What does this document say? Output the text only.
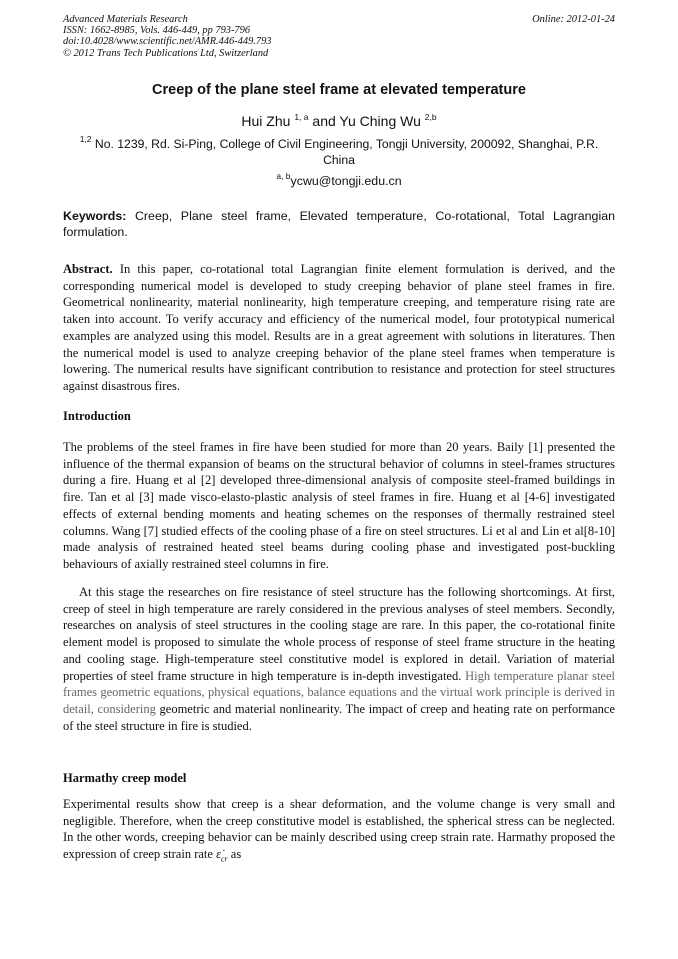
Advanced Materials Research
ISSN: 1662-8985, Vols. 446-449, pp 793-796
doi:10.4028/www.scientific.net/AMR.446-449.793
© 2012 Trans Tech Publications Ltd, Switzerland
Online: 2012-01-24
Creep of the plane steel frame at elevated temperature
Hui Zhu $^{1, a}$ and Yu Ching Wu $^{2,b}$
$^{1,2}$ No. 1239, Rd. Si-Ping, College of Civil Engineering, Tongji University, 200092, Shanghai, P.R. China
$^{a, b}$ycwu@tongji.edu.cn
Keywords: Creep, Plane steel frame, Elevated temperature, Co-rotational, Total Lagrangian formulation.
Abstract. In this paper, co-rotational total Lagrangian finite element formulation is derived, and the corresponding numerical model is developed to study creeping behavior of plane steel frames in fire. Geometrical nonlinearity, material nonlinearity, high temperature creeping, and temperature rising rate are taken into account. To verify accuracy and efficiency of the numerical model, four prototypical numerical examples are analyzed using this model. Results are in a great agreement with solutions in literatures. Then the numerical model is used to analyze creeping behavior of the plane steel frames when temperature is lowering. The numerical results have significant contribution to resistance and protection for steel structures against disastrous fires.
Introduction
The problems of the steel frames in fire have been studied for more than 20 years. Baily [1] presented the influence of the thermal expansion of beams on the structural behavior of columns in steel-frames structures during a fire. Huang et al [2] developed three-dimensional analysis of composite steel-framed buildings in fire. Tan et al [3] made visco-elasto-plastic analysis of steel frames in fire. Huang et al [4-6] investigated effects of external bending moments and heating schemes on the responses of thermally restrained steel columns. Wang [7] studied effects of the cooling phase of a fire on steel structures. Li et al and Lin et al[8-10] made analysis of restrained heated steel beams during cooling phase and investigated post-buckling behaviours of axially restrained steel columns in fire.
At this stage the researches on fire resistance of steel structure has the following shortcomings. At first, creep of steel in high temperature are rarely considered in the previous analyses of steel members. Secondly, researches on analysis of steel structures in the cooling stage are rare. In this paper, the co-rotational finite element model is proposed to simulate the whole process of response of steel frame structure in the heating and cooling stage. High-temperature steel constitutive model is explored in detail. Variation of material properties of steel frame structure in high temperature is in-depth investigated. High temperature planar steel frames geometric equations, physical equations, balance equations and the virtual work principle is derived in detail, considering geometric and material nonlinearity. The impact of creep and heating rate on performance of the steel structure in fire is studied.
Harmathy creep model
Experimental results show that creep is a shear deformation, and the volume change is very small and negligible. Therefore, when the creep constitutive model is established, the spherical stress can be neglected. In the other words, creeping behavior can be mainly described using creep strain rate. Harmathy proposed the expression of creep strain rate $\varepsiloṅ_{cr}$ as
